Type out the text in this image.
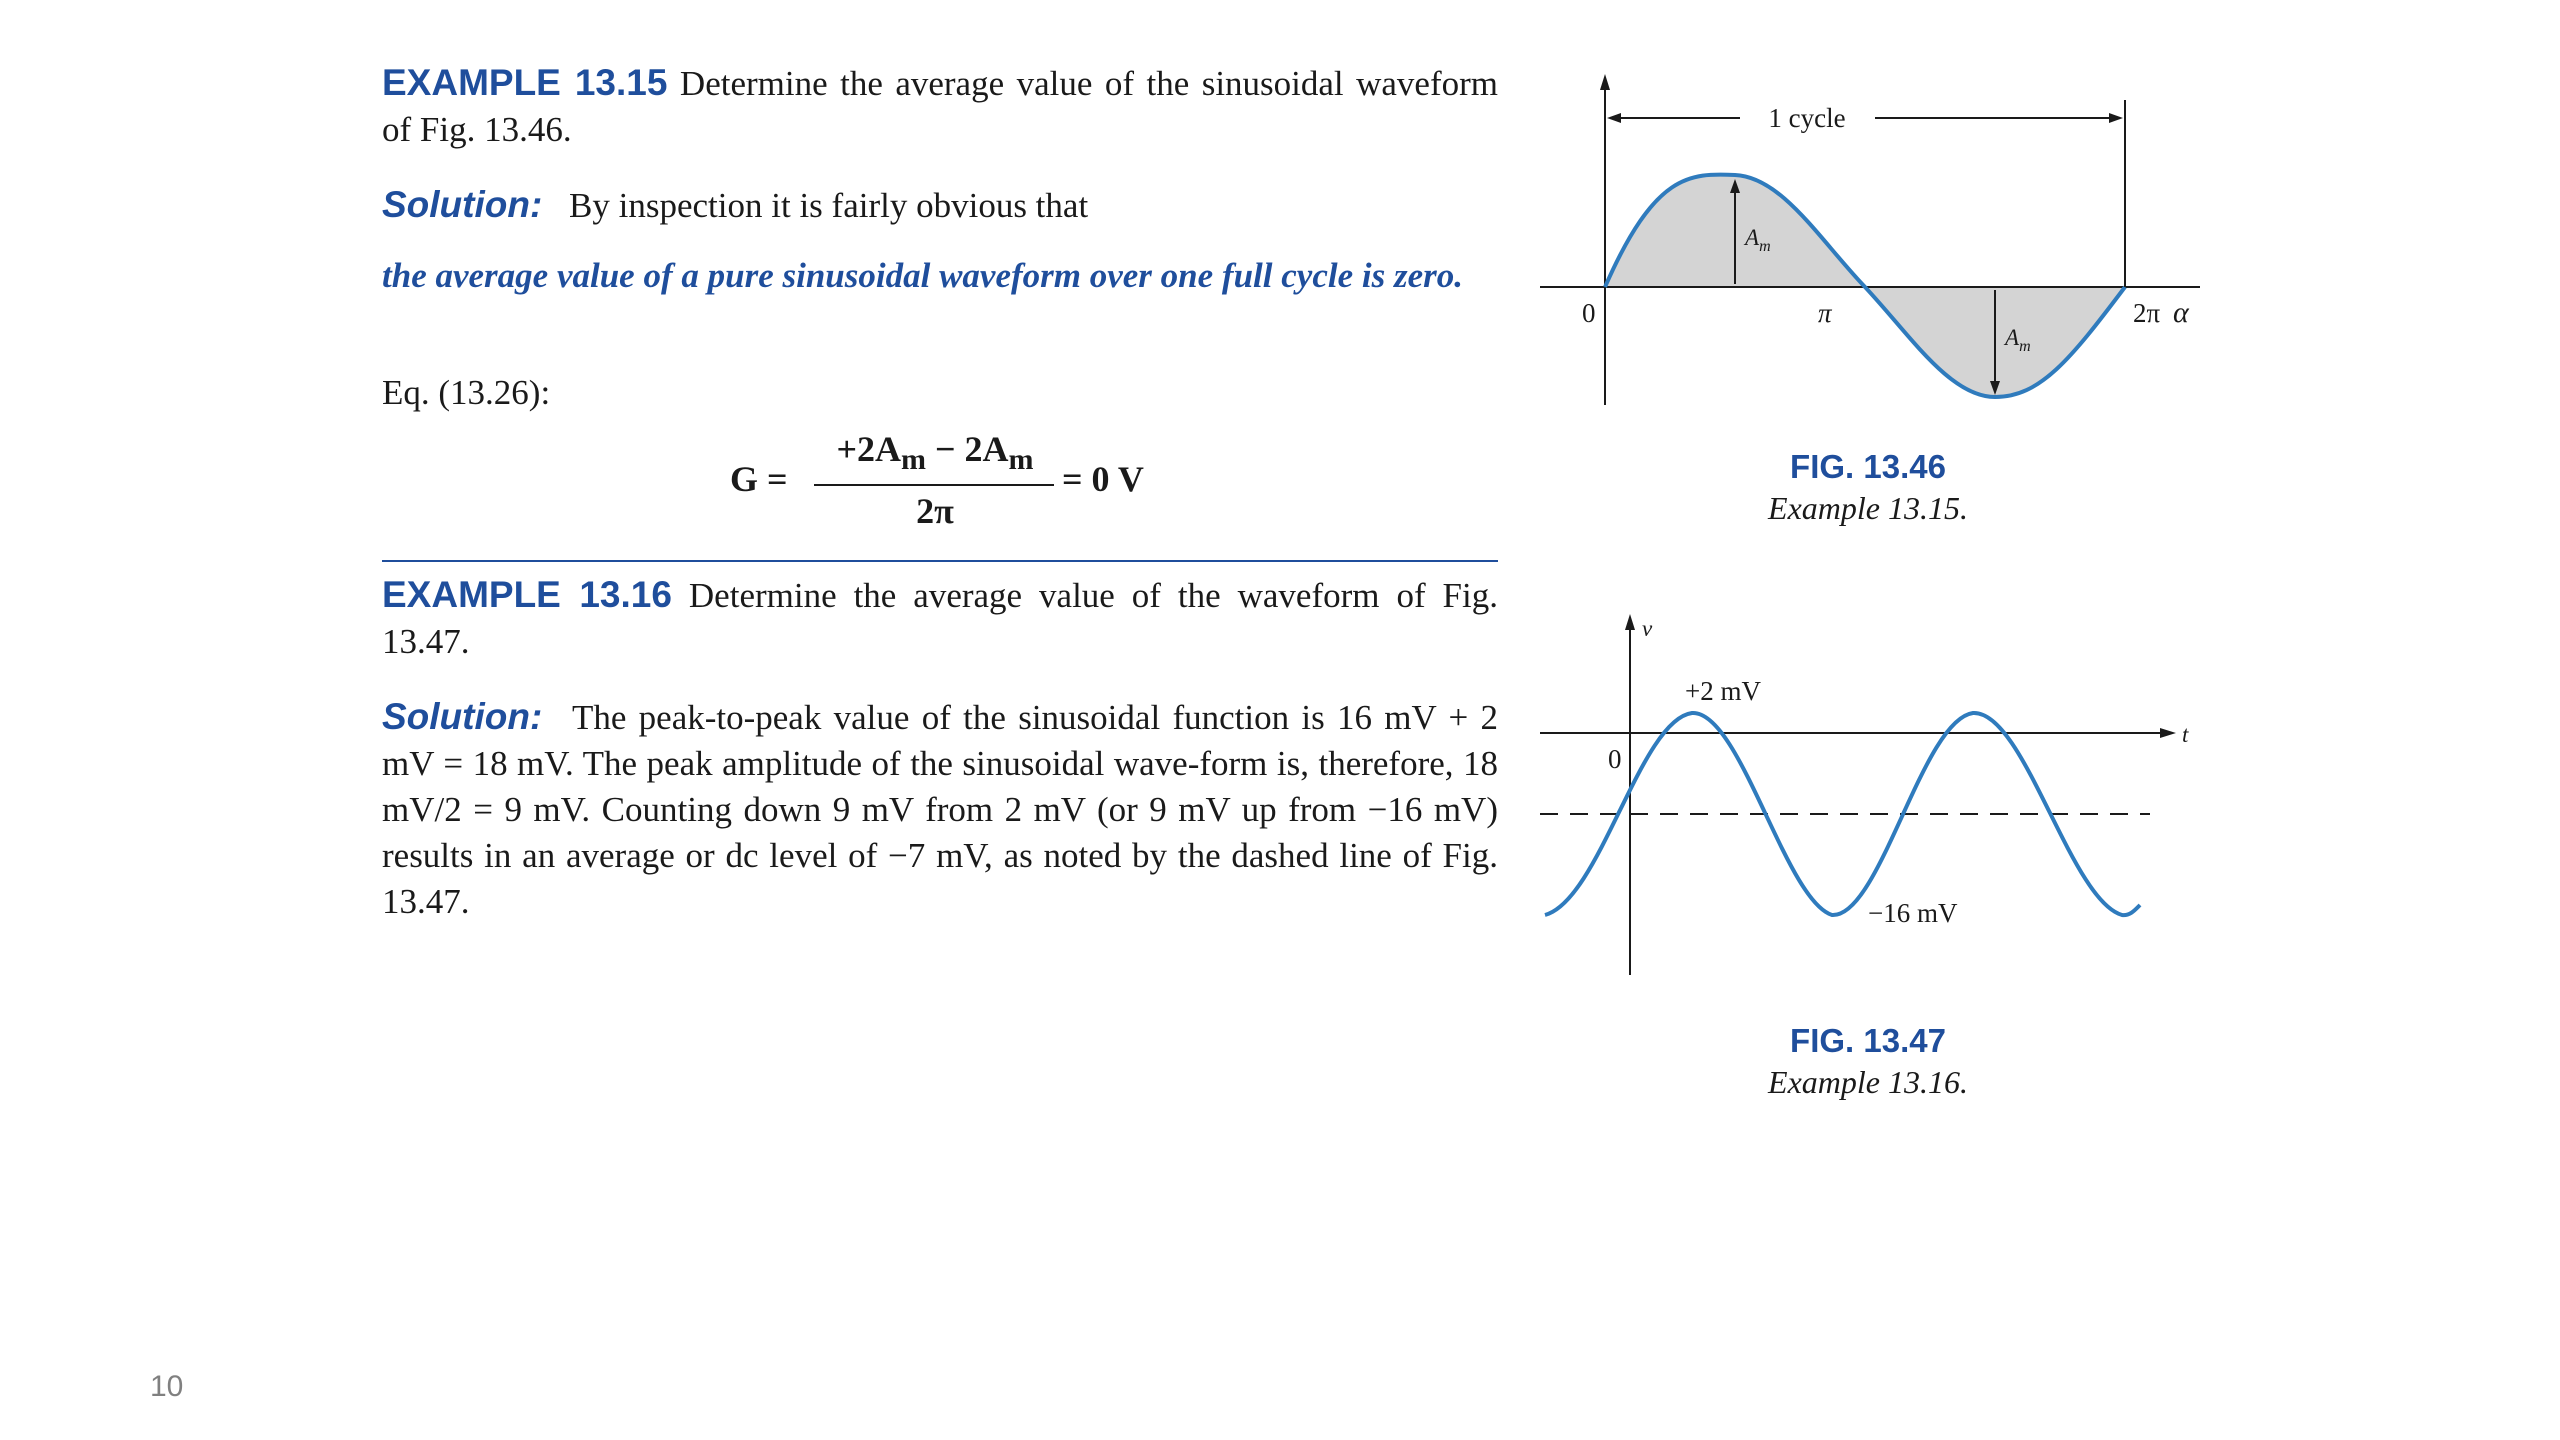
EXAMPLE 13.15 Determine the average value of the sinusoidal waveform of Fig. 13.46.
Solution: By inspection it is fairly obvious that
the average value of a pure sinusoidal waveform over one full cycle is zero.
Eq. (13.26):
G =
$+2A_m - 2A_m$
2π
= 0 V
EXAMPLE 13.16 Determine the average value of the waveform of Fig. 13.47.
Solution: The peak-to-peak value of the sinusoidal function is 16 mV + 2 mV = 18 mV. The peak amplitude of the sinusoidal wave-form is, therefore, 18 mV/2 = 9 mV. Counting down 9 mV from 2 mV (or 9 mV up from −16 mV) results in an average or dc level of −7 mV, as noted by the dashed line of Fig. 13.47.
1 cycle
$A_m$
$A_m$
0	π	2π α
FIG. 13.46
Example 13.15.
0
v
t
+2 mV
−16 mV
FIG. 13.47
Example 13.16.
10
